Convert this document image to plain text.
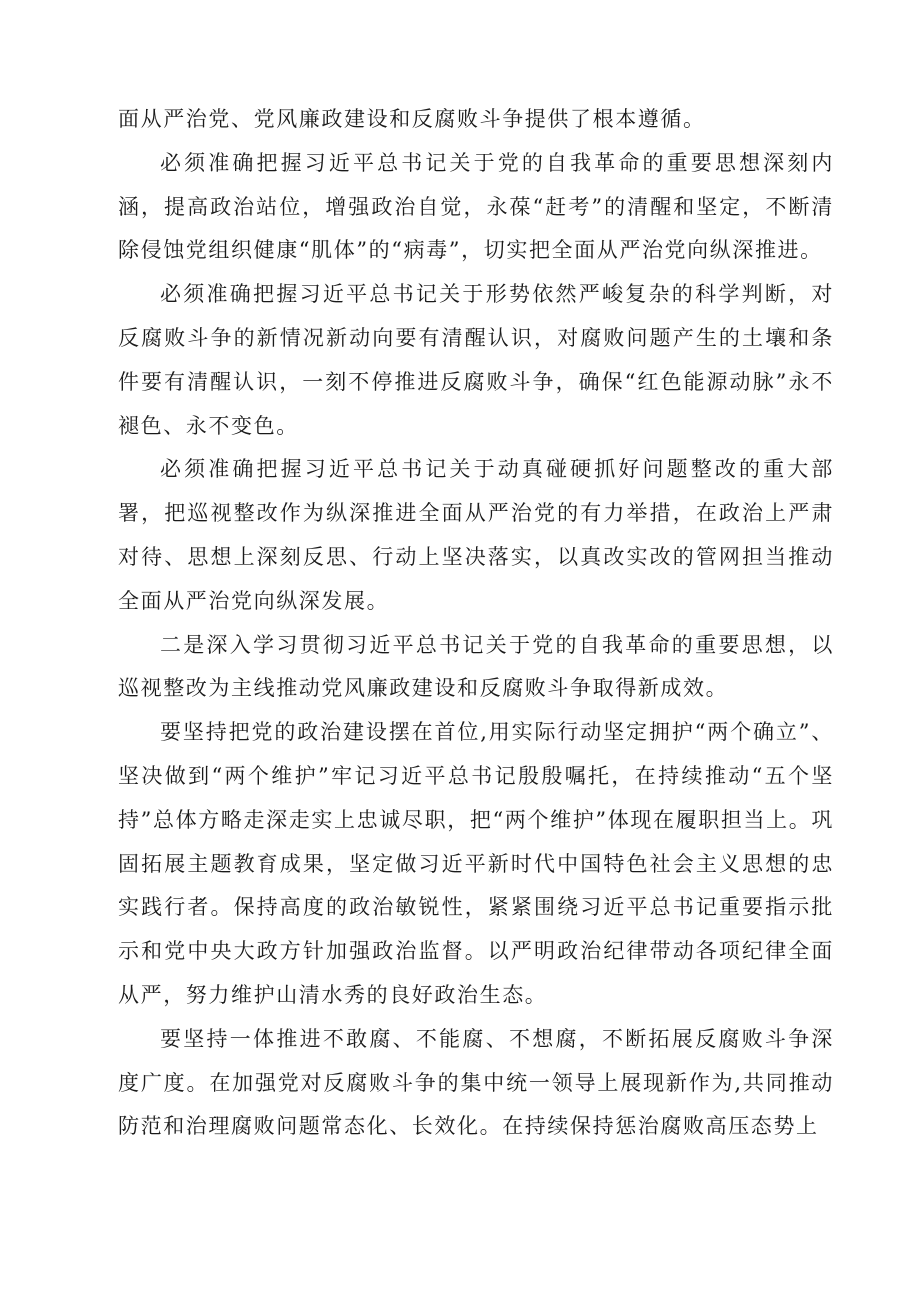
面从严治党、党风廉政建设和反腐败斗争提供了根本遵循。

必须准确把握习近平总书记关于党的自我革命的重要思想深刻内涵，提高政治站位，增强政治自觉，永葆“赶考”的清醒和坚定，不断清除侵蚀党组织健康“肌体”的“病毒”，切实把全面从严治党向纵深推进。

必须准确把握习近平总书记关于形势依然严峻复杂的科学判断，对反腐败斗争的新情况新动向要有清醒认识，对腐败问题产生的土壤和条件要有清醒认识，一刻不停推进反腐败斗争，确保“红色能源动脉”永不褪色、永不变色。

必须准确把握习近平总书记关于动真碰硬抓好问题整改的重大部署，把巡视整改作为纵深推进全面从严治党的有力举措，在政治上严肃对待、思想上深刻反思、行动上坚决落实，以真改实改的管网担当推动全面从严治党向纵深发展。

二是深入学习贯彻习近平总书记关于党的自我革命的重要思想，以巡视整改为主线推动党风廉政建设和反腐败斗争取得新成效。

要坚持把党的政治建设摆在首位,用实际行动坚定拥护“两个确立”、坚决做到“两个维护”牢记习近平总书记殷殷嘱托，在持续推动“五个坚持”总体方略走深走实上忠诚尽职，把“两个维护”体现在履职担当上。巩固拓展主题教育成果，坚定做习近平新时代中国特色社会主义思想的忠实践行者。保持高度的政治敏锐性，紧紧围绕习近平总书记重要指示批示和党中央大政方针加强政治监督。以严明政治纪律带动各项纪律全面从严，努力维护山清水秀的良好政治生态。

要坚持一体推进不敢腐、不能腐、不想腐，不断拓展反腐败斗争深度广度。在加强党对反腐败斗争的集中统一领导上展现新作为,共同推动防范和治理腐败问题常态化、长效化。在持续保持惩治腐败高压态势上
